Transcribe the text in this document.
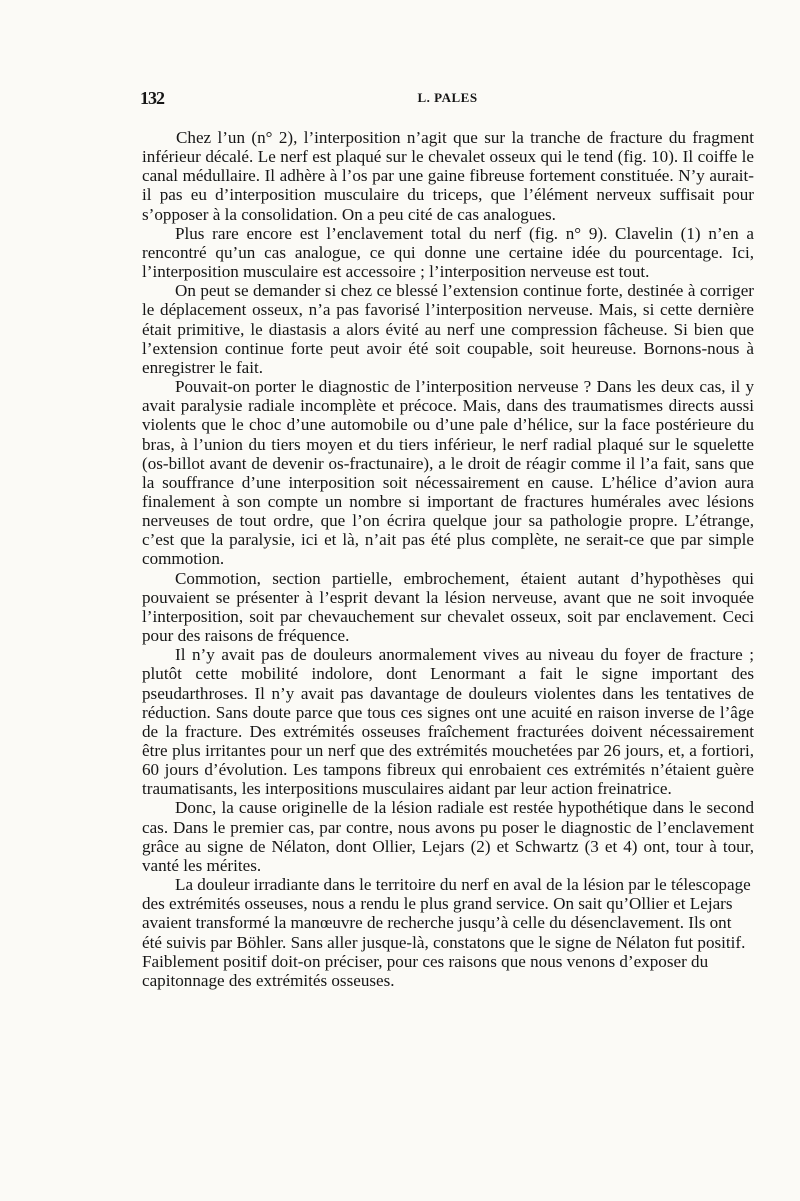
132	L. PALES

Chez l’un (n° 2), l’interposition n’agit que sur la tranche de fracture du fragment inférieur décalé. Le nerf est plaqué sur le chevalet osseux qui le tend (fig. 10). Il coiffe le canal médullaire. Il adhère à l’os par une gaine fibreuse fortement constituée. N’y aurait-il pas eu d’interposition musculaire du triceps, que l’élément nerveux suffisait pour s’opposer à la consolidation. On a peu cité de cas analogues.

Plus rare encore est l’enclavement total du nerf (fig. n° 9). Clavelin (1) n’en a rencontré qu’un cas analogue, ce qui donne une certaine idée du pourcentage. Ici, l’interposition musculaire est accessoire ; l’interposition nerveuse est tout.

On peut se demander si chez ce blessé l’extension continue forte, destinée à corriger le déplacement osseux, n’a pas favorisé l’interposition nerveuse. Mais, si cette dernière était primitive, le diastasis a alors évité au nerf une compression fâcheuse. Si bien que l’extension continue forte peut avoir été soit coupable, soit heureuse. Bornons-nous à enregistrer le fait.

Pouvait-on porter le diagnostic de l’interposition nerveuse ? Dans les deux cas, il y avait paralysie radiale incomplète et précoce. Mais, dans des traumatismes directs aussi violents que le choc d’une automobile ou d’une pale d’hélice, sur la face postérieure du bras, à l’union du tiers moyen et du tiers inférieur, le nerf radial plaqué sur le squelette (os-billot avant de devenir os-fractunaire), a le droit de réagir comme il l’a fait, sans que la souffrance d’une interposition soit nécessairement en cause. L’hélice d’avion aura finalement à son compte un nombre si important de fractures humérales avec lésions nerveuses de tout ordre, que l’on écrira quelque jour sa pathologie propre. L’étrange, c’est que la paralysie, ici et là, n’ait pas été plus complète, ne serait-ce que par simple commotion.

Commotion, section partielle, embrochement, étaient autant d’hypothèses qui pouvaient se présenter à l’esprit devant la lésion nerveuse, avant que ne soit invoquée l’interposition, soit par chevauchement sur chevalet osseux, soit par enclavement. Ceci pour des raisons de fréquence.

Il n’y avait pas de douleurs anormalement vives au niveau du foyer de fracture ; plutôt cette mobilité indolore, dont Lenormant a fait le signe important des pseudarthroses. Il n’y avait pas davantage de douleurs violentes dans les tentatives de réduction. Sans doute parce que tous ces signes ont une acuité en raison inverse de l’âge de la fracture. Des extrémités osseuses fraîchement fracturées doivent nécessairement être plus irritantes pour un nerf que des extrémités mouchetées par 26 jours, et, a fortiori, 60 jours d’évolution. Les tampons fibreux qui enrobaient ces extrémités n’étaient guère traumatisants, les interpositions musculaires aidant par leur action freinatrice.

Donc, la cause originelle de la lésion radiale est restée hypothétique dans le second cas. Dans le premier cas, par contre, nous avons pu poser le diagnostic de l’enclavement grâce au signe de Nélaton, dont Ollier, Lejars (2) et Schwartz (3 et 4) ont, tour à tour, vanté les mérites.

La douleur irradiante dans le territoire du nerf en aval de la lésion par le télescopage des extrémités osseuses, nous a rendu le plus grand service. On sait qu’Ollier et Lejars avaient transformé la manœuvre de recherche jusqu’à celle du désenclavement. Ils ont été suivis par Böhler. Sans aller jusque-là, constatons que le signe de Nélaton fut positif. Faiblement positif doit-on préciser, pour ces raisons que nous venons d’exposer du capitonnage des extrémités osseuses.
